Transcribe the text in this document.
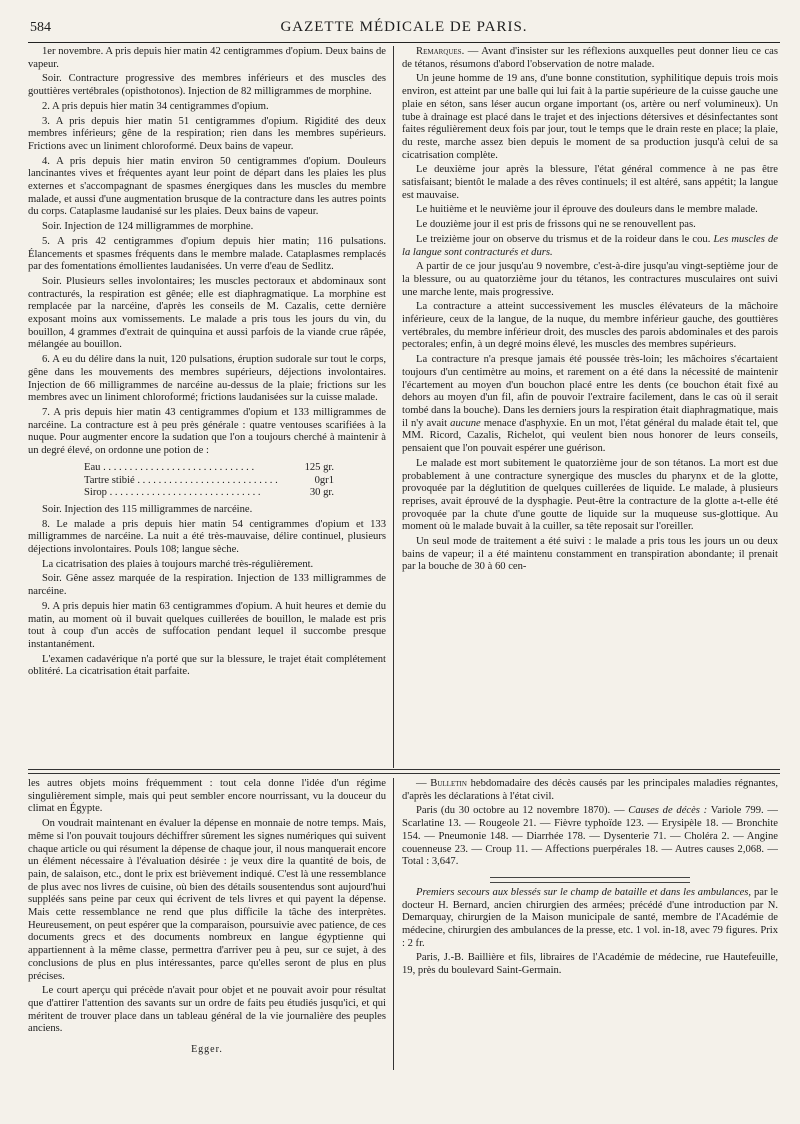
584	GAZETTE MÉDICALE DE PARIS.

1er novembre. A pris depuis hier matin 42 centigrammes d'opium. Deux bains de vapeur.

Soir. Contracture progressive des membres inférieurs et des muscles des gouttières vertébrales (opisthotonos). Injection de 82 milligrammes de morphine.

2. A pris depuis hier matin 34 centigrammes d'opium.

3. A pris depuis hier matin 51 centigrammes d'opium. Rigidité des deux membres inférieurs; gêne de la respiration; rien dans les membres supérieurs. Frictions avec un liniment chloroformé. Deux bains de vapeur.

4. A pris depuis hier matin environ 50 centigrammes d'opium. Douleurs lancinantes vives et fréquentes ayant leur point de départ dans les plaies les plus externes et s'accompagnant de spasmes énergiques dans les muscles du membre malade, et aussi d'une augmentation brusque de la contracture dans les autres points du corps. Cataplasme laudanisé sur les plaies. Deux bains de vapeur.

Soir. Injection de 124 milligrammes de morphine.

5. A pris 42 centigrammes d'opium depuis hier matin; 116 pulsations. Élancements et spasmes fréquents dans le membre malade. Cataplasmes remplacés par des fomentations émollientes laudanisées. Un verre d'eau de Sedlitz.

Soir. Plusieurs selles involontaires; les muscles pectoraux et abdominaux sont contracturés, la respiration est gênée; elle est diaphragmatique. La morphine est remplacée par la narcéine, d'après les conseils de M. Cazalis, cette dernière exposant moins aux vomissements. Le malade a pris tous les jours du vin, du bouillon, 4 grammes d'extrait de quinquina et aussi parfois de la viande crue râpée, mélangée au bouillon.

6. A eu du délire dans la nuit, 120 pulsations, éruption sudorale sur tout le corps, gêne dans les mouvements des membres supérieurs, déjections involontaires. Injection de 66 milligrammes de narcéine au-dessus de la plaie; frictions sur les membres avec un liniment chloroformé; frictions laudanisées sur la cuisse malade.

7. A pris depuis hier matin 43 centigrammes d'opium et 133 milligrammes de narcéine. La contracture est à peu près générale : quatre ventouses scarifiées à la nuque. Pour augmenter encore la sudation que l'on a toujours cherché à maintenir à un degré élevé, on ordonne une potion de :

Eau . . .	125 gr.
Tartre stibié . . .	0gr1
Sirop . . .	30 gr.

Soir. Injection des 115 milligrammes de narcéine.

8. Le malade a pris depuis hier matin 54 centigrammes d'opium et 133 milligrammes de narcéine. La nuit a été très-mauvaise, délire continuel, plusieurs déjections involontaires. Pouls 108; langue sèche.

La cicatrisation des plaies à toujours marché très-régulièrement.

Soir. Gêne assez marquée de la respiration. Injection de 133 milligrammes de narcéine.

9. A pris depuis hier matin 63 centigrammes d'opium. A huit heures et demie du matin, au moment où il buvait quelques cuillerées de bouillon, le malade est pris tout à coup d'un accès de suffocation pendant lequel il succombe presque instantanément.

L'examen cadavérique n'a porté que sur la blessure, le trajet était complétement oblitéré. La cicatrisation était parfaite.

Remarques. — Avant d'insister sur les réflexions auxquelles peut donner lieu ce cas de tétanos, résumons d'abord l'observation de notre malade.

Un jeune homme de 19 ans, d'une bonne constitution, syphilitique depuis trois mois environ, est atteint par une balle qui lui fait à la partie supérieure de la cuisse gauche une plaie en séton, sans léser aucun organe important (os, artère ou nerf volumineux). Un tube à drainage est placé dans le trajet et des injections détersives et désinfectantes sont faites régulièrement deux fois par jour, tout le temps que le drain reste en place; la plaie, du reste, marche assez bien depuis le moment de sa production jusqu'à celui de sa cicatrisation complète.

Le deuxième jour après la blessure, l'état général commence à ne pas être satisfaisant; bientôt le malade a des rêves continuels; il est altéré, sans appétit; la langue est mauvaise.

Le huitième et le neuvième jour il éprouve des douleurs dans le membre malade.

Le douzième jour il est pris de frissons qui ne se renouvellent pas.

Le treizième jour on observe du trismus et de la roideur dans le cou. Les muscles de la langue sont contracturés et durs.

A partir de ce jour jusqu'au 9 novembre, c'est-à-dire jusqu'au vingt-septième jour de la blessure, ou au quatorzième jour du tétanos, les contractures musculaires ont suivi une marche lente, mais progressive.

La contracture a atteint successivement les muscles élévateurs de la mâchoire inférieure, ceux de la langue, de la nuque, du membre inférieur gauche, des gouttières vertébrales, du membre inférieur droit, des muscles des parois abdominales et des parois pectorales; enfin, à un degré moins élevé, les muscles des membres supérieurs.

La contracture n'a presque jamais été poussée très-loin; les mâchoires s'écartaient toujours d'un centimètre au moins, et rarement on a été dans la nécessité de maintenir l'écartement au moyen d'un bouchon placé entre les dents (ce bouchon était fixé au dehors au moyen d'un fil, afin de pouvoir l'extraire facilement, dans le cas où il serait tombé dans la bouche). Dans les derniers jours la respiration était diaphragmatique, mais il n'y avait aucune menace d'asphyxie. En un mot, l'état général du malade était tel, que MM. Ricord, Cazalis, Richelot, qui veulent bien nous honorer de leurs conseils, pensaient que l'on pouvait espérer une guérison.

Le malade est mort subitement le quatorzième jour de son tétanos. La mort est due probablement à une contracture synergique des muscles du pharynx et de la glotte, provoquée par la déglutition de quelques cuillerées de liquide. Le malade, à plusieurs reprises, avait éprouvé de la dysphagie. Peut-être la contracture de la glotte a-t-elle été provoquée par la chute d'une goutte de liquide sur la muqueuse sus-glottique. Au moment où le malade buvait à la cuiller, sa tête reposait sur l'oreiller.

Un seul mode de traitement a été suivi : le malade a pris tous les jours un ou deux bains de vapeur; il a été maintenu constamment en transpiration abondante; il prenait par la bouche de 30 à 60 cen-

les autres objets moins fréquemment : tout cela donne l'idée d'un régime singulièrement simple, mais qui peut sembler encore nourrissant, vu la douceur du climat en Égypte.

On voudrait maintenant en évaluer la dépense en monnaie de notre temps. Mais, même si l'on pouvait toujours déchiffrer sûrement les signes numériques qui suivent chaque article ou qui résument la dépense de chaque jour, il nous manquerait encore un élément nécessaire à l'évaluation désirée : je veux dire la quantité de bois, de pain, de salaison, etc., dont le prix est brièvement indiqué. C'est là une ressemblance de plus avec nos livres de cuisine, où bien des détails sousentendus sont aujourd'hui suppléés sans peine par ceux qui écrivent de tels livres et qui payent la dépense. Mais cette ressemblance ne rend que plus difficile la tâche des interprètes. Heureusement, on peut espérer que la comparaison, poursuivie avec patience, de ces documents grecs et des documents nombreux en langue égyptienne qui appartiennent à la même classe, permettra d'arriver peu à peu, sur ce sujet, à des conclusions de plus en plus intéressantes, parce qu'elles seront de plus en plus précises.

Le court aperçu qui précède n'avait pour objet et ne pouvait avoir pour résultat que d'attirer l'attention des savants sur un ordre de faits peu étudiés jusqu'ici, et qui méritent de trouver place dans un tableau général de la vie journalière des peuples anciens.

Egger.

— Bulletin hebdomadaire des décès causés par les principales maladies régnantes, d'après les déclarations à l'état civil.

Paris (du 30 octobre au 12 novembre 1870). — Causes de décès : Variole 799. — Scarlatine 13. — Rougeole 21. — Fièvre typhoïde 123. — Erysipèle 18. — Bronchite 154. — Pneumonie 148. — Diarrhée 178. — Dysenterie 71. — Choléra 2. — Angine couenneuse 23. — Croup 11. — Affections puerpérales 18. — Autres causes 2,068. — Total : 3,647.

Premiers secours aux blessés sur le champ de bataille et dans les ambulances, par le docteur H. Bernard, ancien chirurgien des armées; précédé d'une introduction par N. Demarquay, chirurgien de la Maison municipale de santé, membre de l'Académie de médecine, chirurgien des ambulances de la presse, etc. 1 vol. in-18, avec 79 figures. Prix : 2 fr.

Paris, J.-B. Baillière et fils, libraires de l'Académie de médecine, rue Hautefeuille, 19, près du boulevard Saint-Germain.
